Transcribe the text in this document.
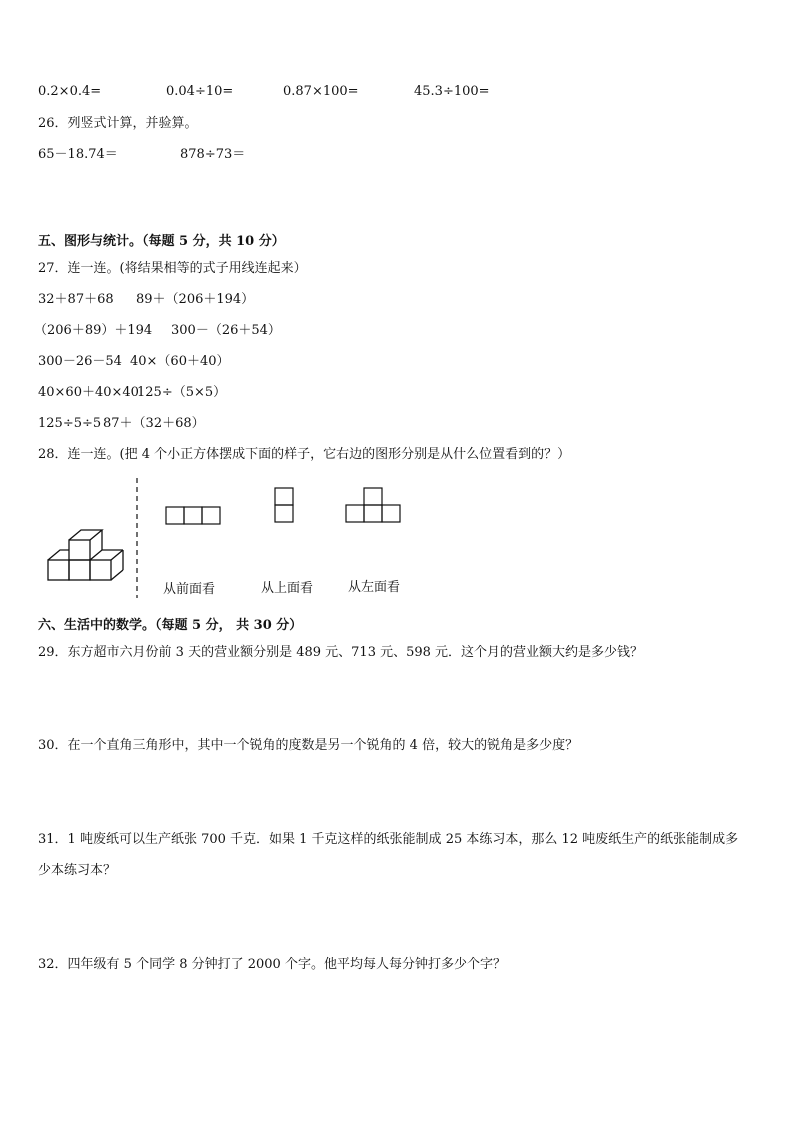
0.2×0.4=	0.04÷10=	0.87×100=	45.3÷100=
26．列竖式计算，并验算。
65－18.74＝	878÷73＝
五、图形与统计。（每题 5 分，共 10 分）
27．连一连。(将结果相等的式子用线连起来）
32＋87＋68 89＋（206＋194）
（206＋89）＋194 300－（26＋54）
300－26－54 40×（60＋40）
40×60＋40×40
125÷（5×5）
125÷5÷5 87＋（32＋68）
28．连一连。(把 4 个小正方体摆成下面的样子，它右边的图形分别是从什么位置看到的？）
从前面看	从上面看	从左面看
六、生活中的数学。（每题 5 分， 共 30 分）
29．东方超市六月份前 3 天的营业额分别是 489 元、713 元、598 元．这个月的营业额大约是多少钱？
30．在一个直角三角形中，其中一个锐角的度数是另一个锐角的 4 倍，较大的锐角是多少度？
31．1 吨废纸可以生产纸张 700 千克．如果 1 千克这样的纸张能制成 25 本练习本，那么 12 吨废纸生产的纸张能制成多
少本练习本？
32．四年级有 5 个同学 8 分钟打了 2000 个字。他平均每人每分钟打多少个字？
